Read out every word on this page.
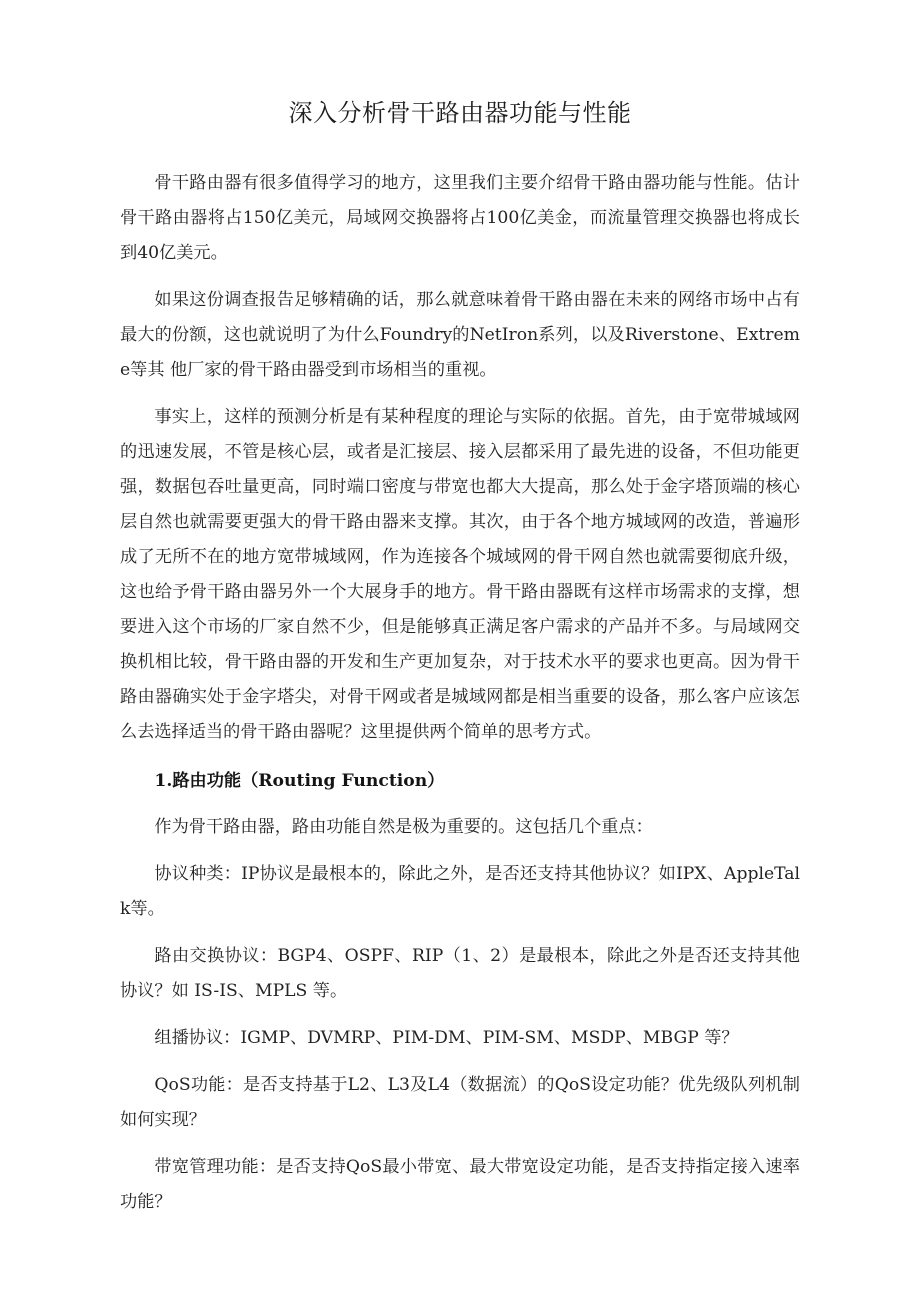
深入分析骨干路由器功能与性能

骨干路由器有很多值得学习的地方，这里我们主要介绍骨干路由器功能与性能。估计骨干路由器将占150亿美元，局域网交换器将占100亿美金，而流量管理交换器也将成长到40亿美元。

如果这份调查报告足够精确的话，那么就意味着骨干路由器在未来的网络市场中占有最大的份额，这也就说明了为什么Foundry的NetIron系列，以及Riverstone、Extreme等其 他厂家的骨干路由器受到市场相当的重视。

事实上，这样的预测分析是有某种程度的理论与实际的依据。首先，由于宽带城域网的迅速发展，不管是核心层，或者是汇接层、接入层都采用了最先进的设备，不但功能更强，数据包吞吐量更高，同时端口密度与带宽也都大大提高，那么处于金字塔顶端的核心层自然也就需要更强大的骨干路由器来支撑。其次，由于各个地方城域网的改造，普遍形成了无所不在的地方宽带城域网，作为连接各个城域网的骨干网自然也就需要彻底升级，这也给予骨干路由器另外一个大展身手的地方。骨干路由器既有这样市场需求的支撑，想要进入这个市场的厂家自然不少，但是能够真正满足客户需求的产品并不多。与局域网交换机相比较，骨干路由器的开发和生产更加复杂，对于技术水平的要求也更高。因为骨干路由器确实处于金字塔尖，对骨干网或者是城域网都是相当重要的设备，那么客户应该怎么去选择适当的骨干路由器呢？这里提供两个简单的思考方式。

1.路由功能（Routing Function）

作为骨干路由器，路由功能自然是极为重要的。这包括几个重点：

协议种类：IP协议是最根本的，除此之外，是否还支持其他协议？如IPX、AppleTalk等。

路由交换协议：BGP4、OSPF、RIP（1、2）是最根本，除此之外是否还支持其他协议？如 IS-IS、MPLS 等。

组播协议：IGMP、DVMRP、PIM-DM、PIM-SM、MSDP、MBGP 等？

QoS功能：是否支持基于L2、L3及L4（数据流）的QoS设定功能？优先级队列机制如何实现？

带宽管理功能：是否支持QoS最小带宽、最大带宽设定功能，是否支持指定接入速率功能？
